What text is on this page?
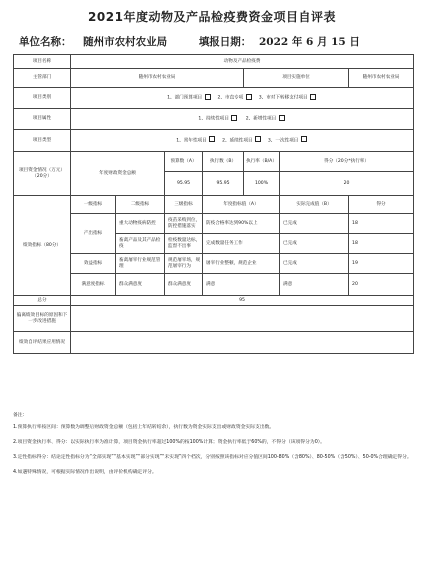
2021年度动物及产品检疫费资金项目自评表
单位名称： 随州市农村农业局	填报日期： 2022 年 6 月 15 日
项目名称	动物及产品检疫费						
主管部门	随州市农村农业局				项目实施单位		随州市农村农业局
项目类别	1、部门预算项目 2、市直专项 3、市对下转移支付项目						
项目属性	1、持续性项目 2、新增性项目						
项目类型	1、常年性项目 2、延续性项目 3、一次性项目						
项目资金情况（万元）（20分）	年度财政资金总额		预算数（A）	执行数（B）	执行率（B/A）	得分（20分*执行率）	
			95.95	95.95	100%	20	
绩效指标（80分）	一级指标	二级指标	三级指标	年度指标值（A）		实际完成值（B）	得分
	产出指标	重大动物疫病防控	疫苗采购到位，防控措施落实	防疫合格率达到90%以上		已完成	18
		畜禽产品及其产品检疫	检疫数量达标，监督不出事	完成数量任务工作		已完成	18
	效益指标	畜禽屠宰行业规范管理	规范屠宰场，规范屠宰行为	屠宰行业整顿，规范企业		已完成	19
	满意度指标	群众满意度	群众满意度	满意		满意	20
总分	95						
偏离绩效目标的原因和下一步改进措施							
绩效自评结果应用情况							

备注：

1.预算执行率按区间：预算数为调整后财政资金总额（包括上年结转结余），执行数为资金实际支出或财政资金实际支出数。

2.项目资金执行率、得分：以实际执行率为准计算，项目资金执行率超过100%的按100%计算；资金执行率低于60%的，不得分（该项得分为0）。

3.定性指标得分：结论定性指标分为“全部实现”“基本实现”“部分实现”“未实现”四个档次，分别按照该指标对应分值区间100-80%（含80%）、80-50%（含50%）、50-0%合理确定得分。

4.如遇特殊情况，可根据实际情况作出说明，由评价机构确定评分。
